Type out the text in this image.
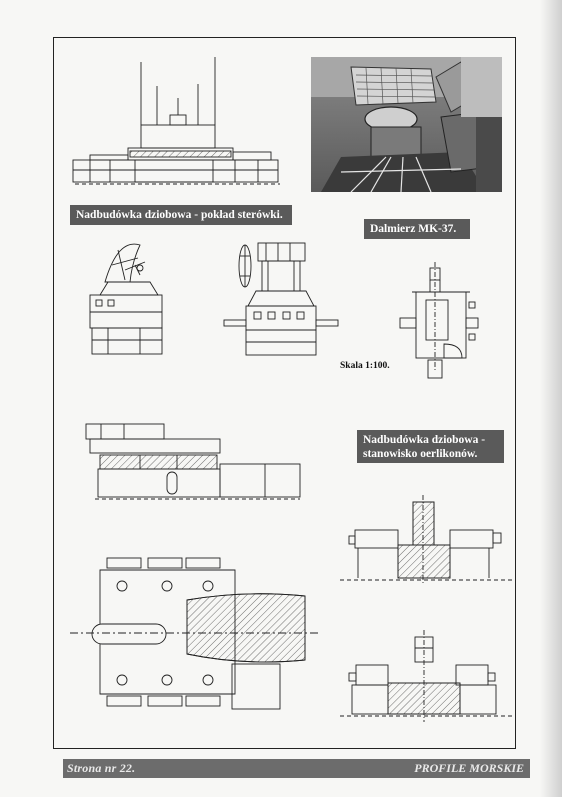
Nadbudówka dziobowa - pokład sterówki.
Dalmierz MK-37.
Skala 1:100.
Nadbudówka dziobowa -
stanowisko oerlikonów.
Strona nr 22.	PROFILE MORSKIE
